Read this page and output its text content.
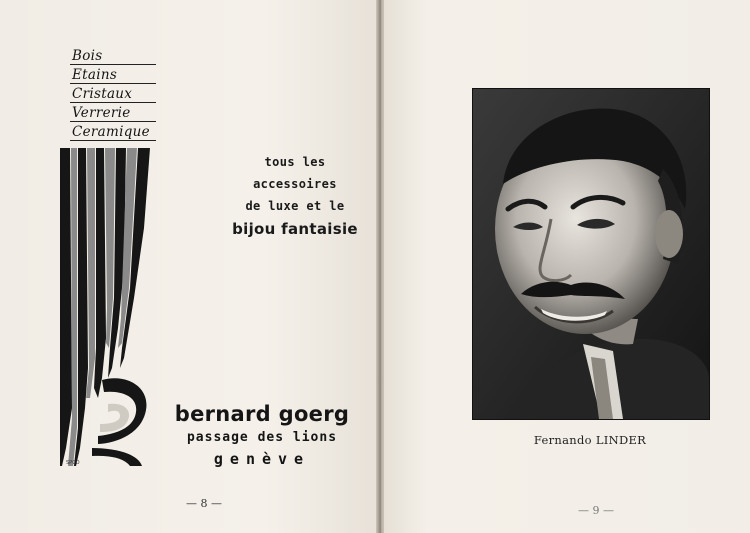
Bois
Etains
Cristaux
Verrerie
Ceramique
SPCO
tous les accessoires
de luxe et le
bijou fantaisie
bernard goerg
passage des lions
genève
— 8 —
Fernando LINDER
— 9 —
